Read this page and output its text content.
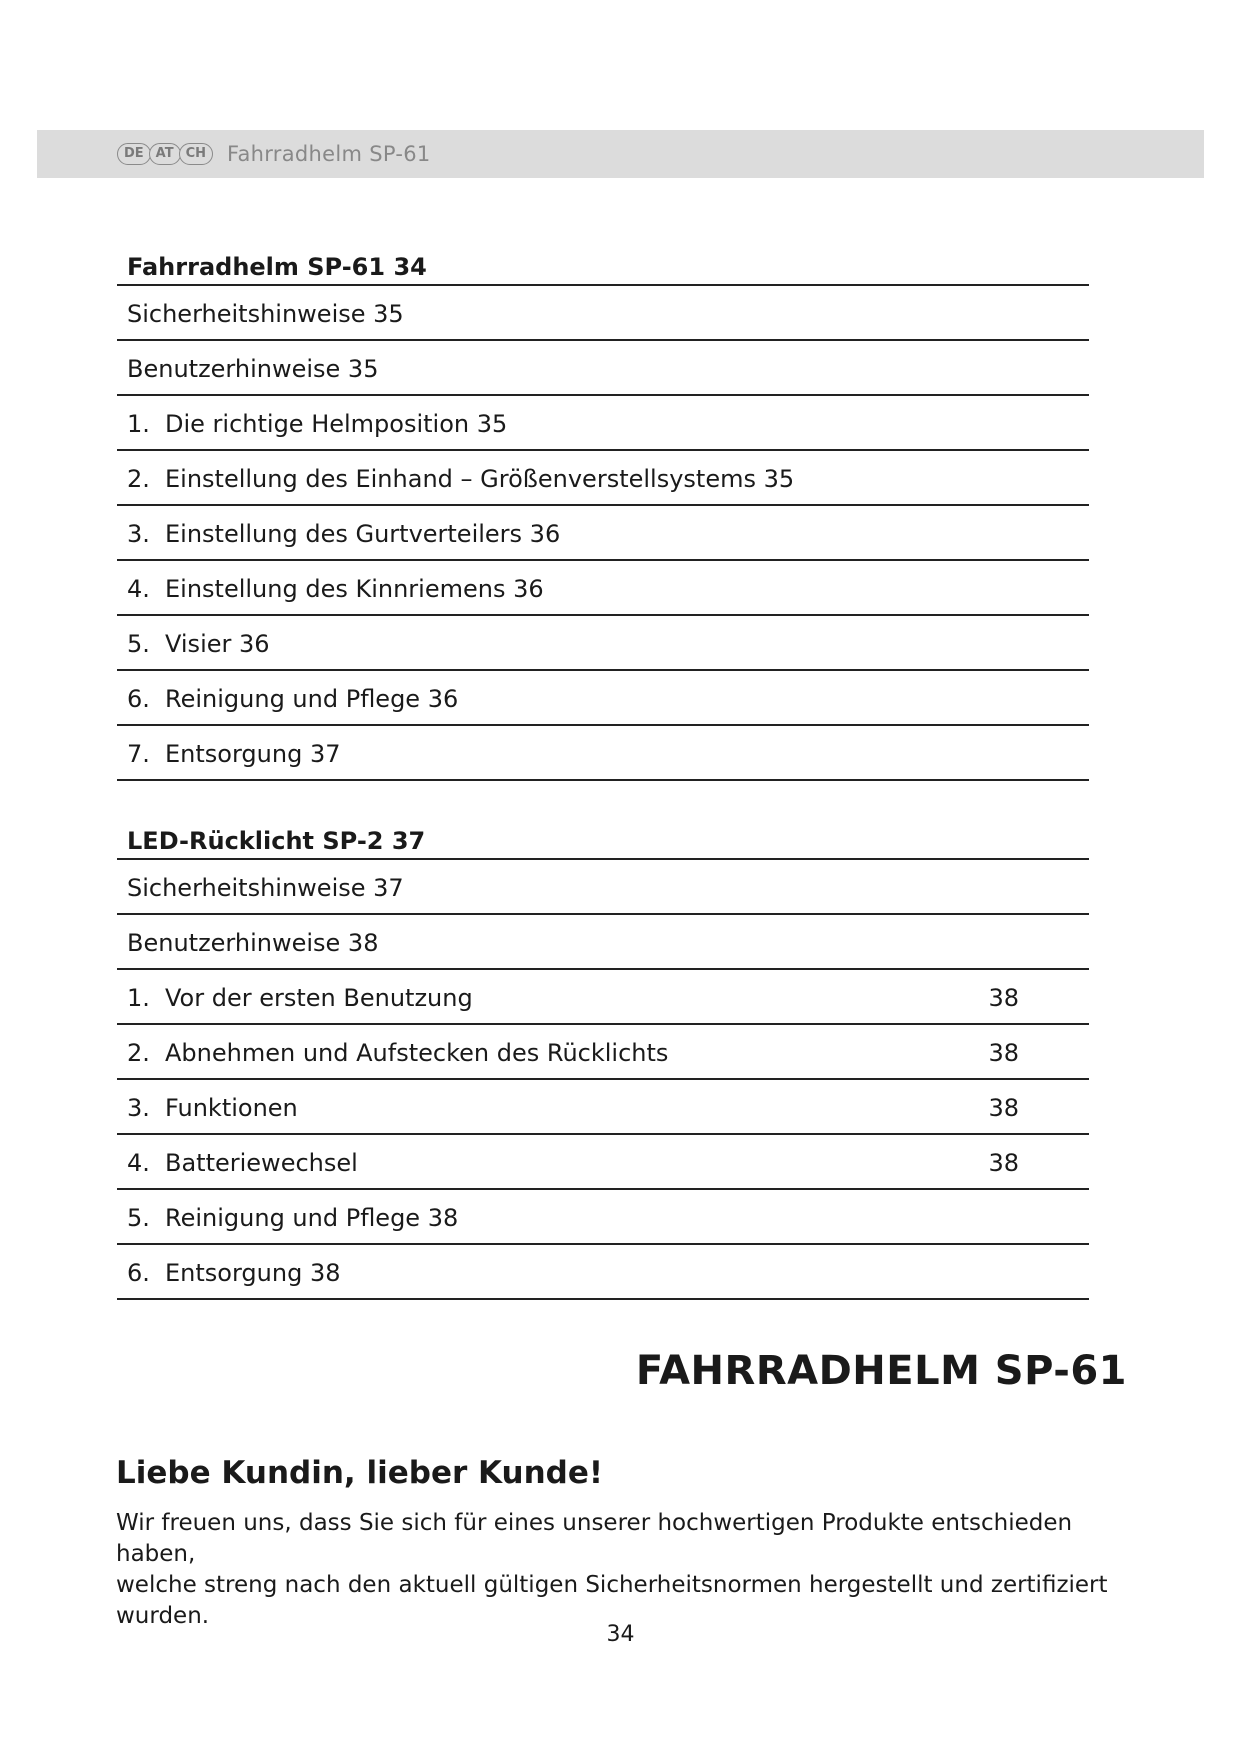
DE AT CH	Fahrradhelm SP-61
Fahrradhelm SP-61 34
Sicherheitshinweise 35
Benutzerhinweise 35
1. Die richtige Helmposition 35
2. Einstellung des Einhand – Größenverstellsystems 35
3. Einstellung des Gurtverteilers 36
4. Einstellung des Kinnriemens 36
5. Visier 36
6. Reinigung und Pflege 36
7. Entsorgung 37
LED-Rücklicht SP-2 37
Sicherheitshinweise 37
Benutzerhinweise 38
1. Vor der ersten Benutzung	38
2. Abnehmen und Aufstecken des Rücklichts	38
3. Funktionen	38
4. Batteriewechsel	38
5. Reinigung und Pflege 38
6. Entsorgung 38
FAHRRADHELM SP-61
Liebe Kundin, lieber Kunde!
Wir freuen uns, dass Sie sich für eines unserer hochwertigen Produkte entschieden haben,
welche streng nach den aktuell gültigen Sicherheitsnormen hergestellt und zertifiziert wurden.
34
